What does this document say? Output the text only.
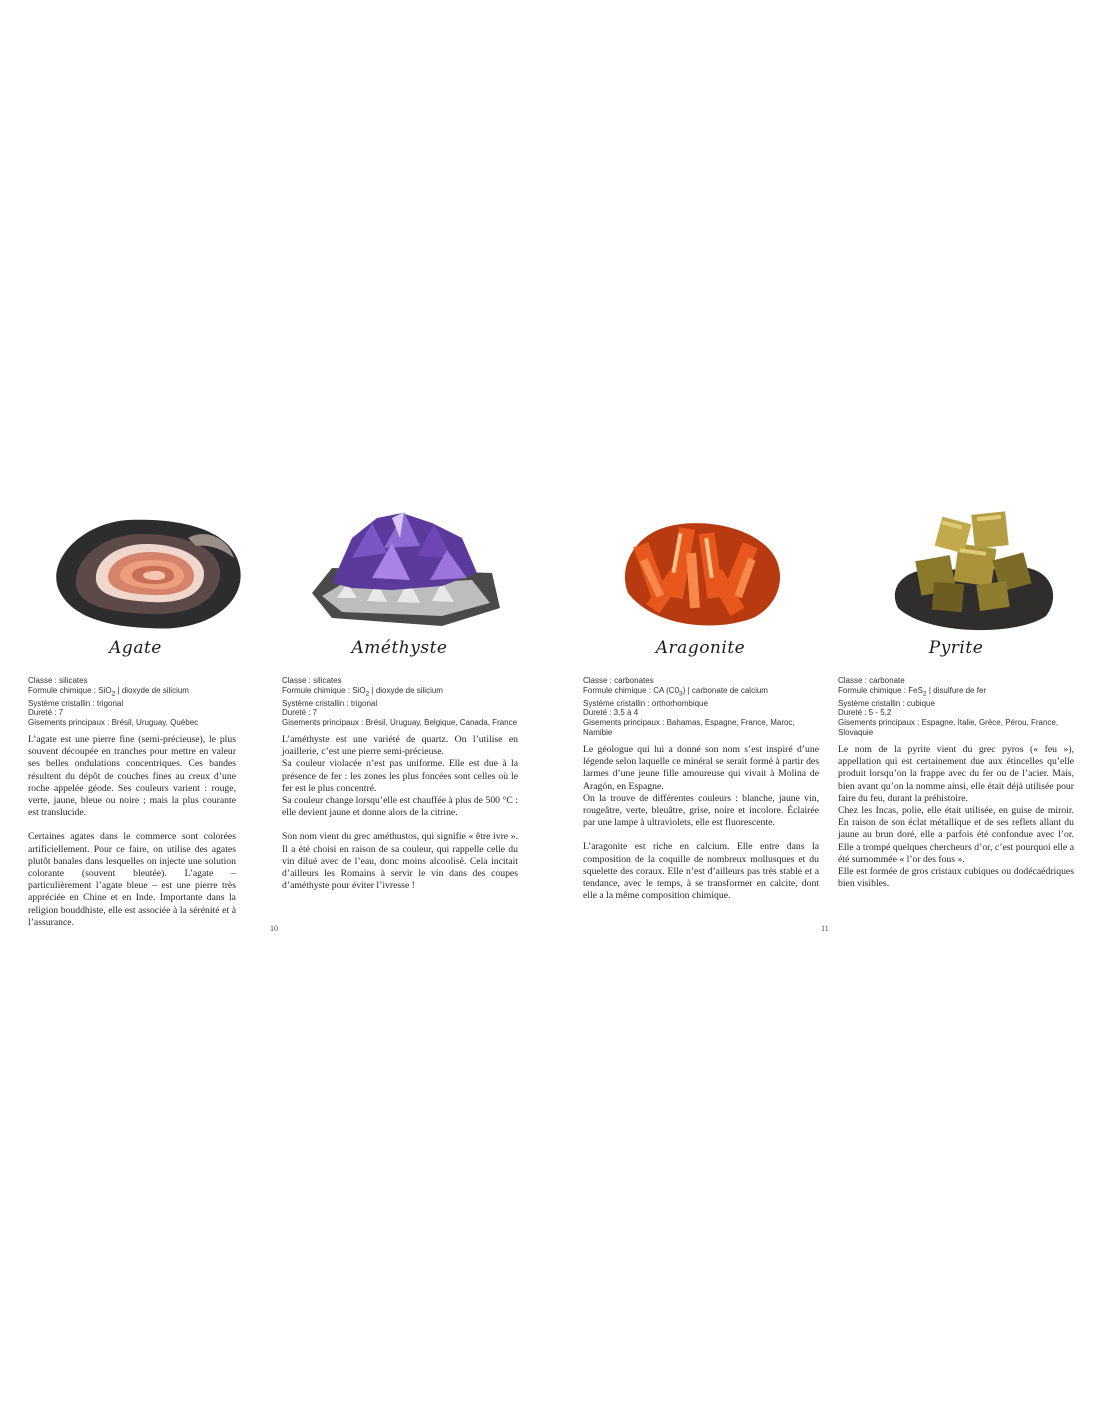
Agate
Classe : silicates
Formule chimique : SiO$_2$ | dioxyde de silicium
Système cristallin : trigonal
Dureté : 7
Gisements principaux : Brésil, Uruguay, Québec

L’agate est une pierre fine (semi-précieuse), le plus souvent découpée en tranches pour mettre en valeur ses belles ondulations concentriques. Ces bandes résultent du dépôt de couches fines au creux d’une roche appelée géode. Ses couleurs varient : rouge, verte, jaune, bleue ou noire ; mais la plus courante est translucide.

Certaines agates dans le commerce sont colorées artificiellement. Pour ce faire, on utilise des agates plutôt banales dans lesquelles on injecte une solution colorante (souvent bleutée). L’agate – particulièrement l’agate bleue – est une pierre très appréciée en Chine et en Inde. Importante dans la religion bouddhiste, elle est associée à la sérénité et à l’assurance.

Améthyste
Classe : silicates
Formule chimique : SiO$_2$ | dioxyde de silicium
Système cristallin : trigonal
Dureté : 7
Gisements principaux : Brésil, Uruguay, Belgique, Canada, France

L’améthyste est une variété de quartz. On l’utilise en joaillerie, c’est une pierre semi-précieuse.

Sa couleur violacée n’est pas uniforme. Elle est due à la présence de fer : les zones les plus foncées sont celles où le fer est le plus concentré.

Sa couleur change lorsqu’elle est chauffée à plus de 500 °C : elle devient jaune et donne alors de la citrine.

Son nom vient du grec améthustos, qui signifie « être ivre ». Il a été choisi en raison de sa couleur, qui rappelle celle du vin dilué avec de l’eau, donc moins alcoolisé. Cela incitait d’ailleurs les Romains à servir le vin dans des coupes d’améthyste pour éviter l’ivresse !

10
Aragonite
Classe : carbonates
Formule chimique : CA $(C0_3)$ | carbonate de calcium
Système cristallin : orthorhombique
Dureté : 3,5 à 4
Gisements principaux : Bahamas, Espagne, France, Maroc,
Namibie

Le géologue qui lui a donné son nom s’est inspiré d’une légende selon laquelle ce minéral se serait formé à partir des larmes d’une jeune fille amoureuse qui vivait à Molina de Aragón, en Espagne.

On la trouve de différentes couleurs : blanche, jaune vin, rougeâtre, verte, bleuâtre, grise, noire et incolore. Éclairée par une lampe à ultraviolets, elle est fluorescente.

L’aragonite est riche en calcium. Elle entre dans la composition de la coquille de nombreux mollusques et du squelette des coraux. Elle n’est d’ailleurs pas très stable et a tendance, avec le temps, à se transformer en calcite, dont elle a la même composition chimique.

Pyrite
Classe : carbonate
Formule chimique : FeS$_2$ | disulfure de fer
Système cristallin : cubique
Dureté : 5 - 5,2
Gisements principaux : Espagne, Italie, Grèce, Pérou, France,
Slovaquie

Le nom de la pyrite vient du grec pyros (« feu »), appellation qui est certainement due aux étincelles qu’elle produit lorsqu’on la frappe avec du fer ou de l’acier. Mais, bien avant qu’on la nomme ainsi, elle était déjà utilisée pour faire du feu, durant la préhistoire.

Chez les Incas, polie, elle était utilisée, en guise de miroir. En raison de son éclat métallique et de ses reflets allant du jaune au brun doré, elle a parfois été confondue avec l’or. Elle a trompé quelques chercheurs d’or, c’est pourquoi elle a été surnommée « l’or des fous ».

Elle est formée de gros cristaux cubiques ou dodécaédriques bien visibles.

11
